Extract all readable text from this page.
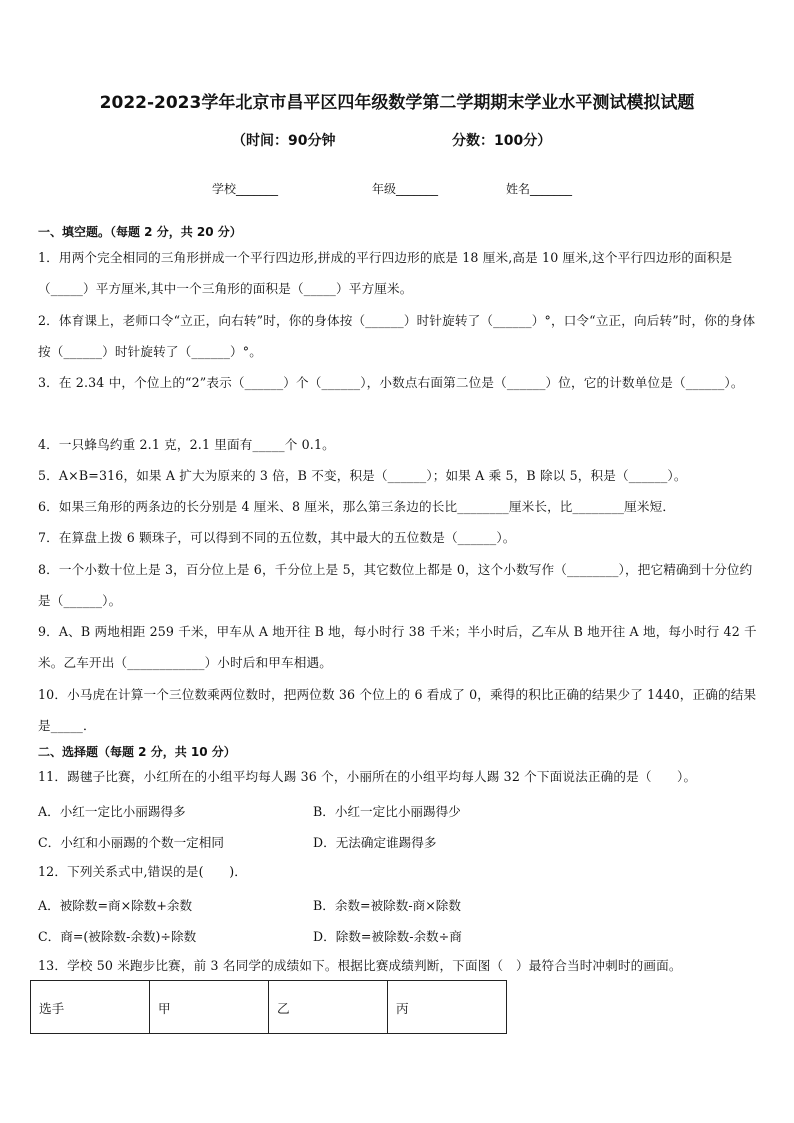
2022-2023学年北京市昌平区四年级数学第二学期期末学业水平测试模拟试题
（时间：90分钟	分数：100分）
学校_______	年级_______	姓名_______
一、填空题。（每题 2 分，共 20 分）
1．用两个完全相同的三角形拼成一个平行四边形,拼成的平行四边形的底是 18 厘米,高是 10 厘米,这个平行四边形的面积是（_____）平方厘米,其中一个三角形的面积是（_____）平方厘米。
2．体育课上，老师口令“立正，向右转”时，你的身体按（______）时针旋转了（______）°，口令“立正，向后转”时，你的身体按（______）时针旋转了（______）°。
3．在 2.34 中，个位上的“2”表示（______）个（______），小数点右面第二位是（______）位，它的计数单位是（______）。
4．一只蜂鸟约重 2.1 克，2.1 里面有_____个 0.1。
5．A×B=316，如果 A 扩大为原来的 3 倍，B 不变，积是（______）；如果 A 乘 5，B 除以 5，积是（______）。
6．如果三角形的两条边的长分别是 4 厘米、8 厘米，那么第三条边的长比________厘米长，比________厘米短．
7．在算盘上拨 6 颗珠子，可以得到不同的五位数，其中最大的五位数是（______）。
8．一个小数十位上是 3，百分位上是 6，千分位上是 5，其它数位上都是 0，这个小数写作（________），把它精确到十分位约是（______）。
9．A、B 两地相距 259 千米，甲车从 A 地开往 B 地，每小时行 38 千米；半小时后，乙车从 B 地开往 A 地，每小时行 42 千米。乙车开出（____________）小时后和甲车相遇。
10．小马虎在计算一个三位数乘两位数时，把两位数 36 个位上的 6 看成了 0，乘得的积比正确的结果少了 1440，正确的结果是_____．
二、选择题（每题 2 分，共 10 分）
11．踢毽子比赛，小红所在的小组平均每人踢 36 个，小丽所在的小组平均每人踢 32 个下面说法正确的是（　　）。
A．小红一定比小丽踢得多	B．小红一定比小丽踢得少
C．小红和小丽踢的个数一定相同	D．无法确定谁踢得多
12．下列关系式中,错误的是(　　)．
A．被除数=商×除数+余数	B．余数=被除数-商×除数
C．商=(被除数-余数)÷除数	D．除数=被除数-余数÷商
13．学校 50 米跑步比赛，前 3 名同学的成绩如下。根据比赛成绩判断，下面图（　）最符合当时冲刺时的画面。
选手	甲	乙	丙
